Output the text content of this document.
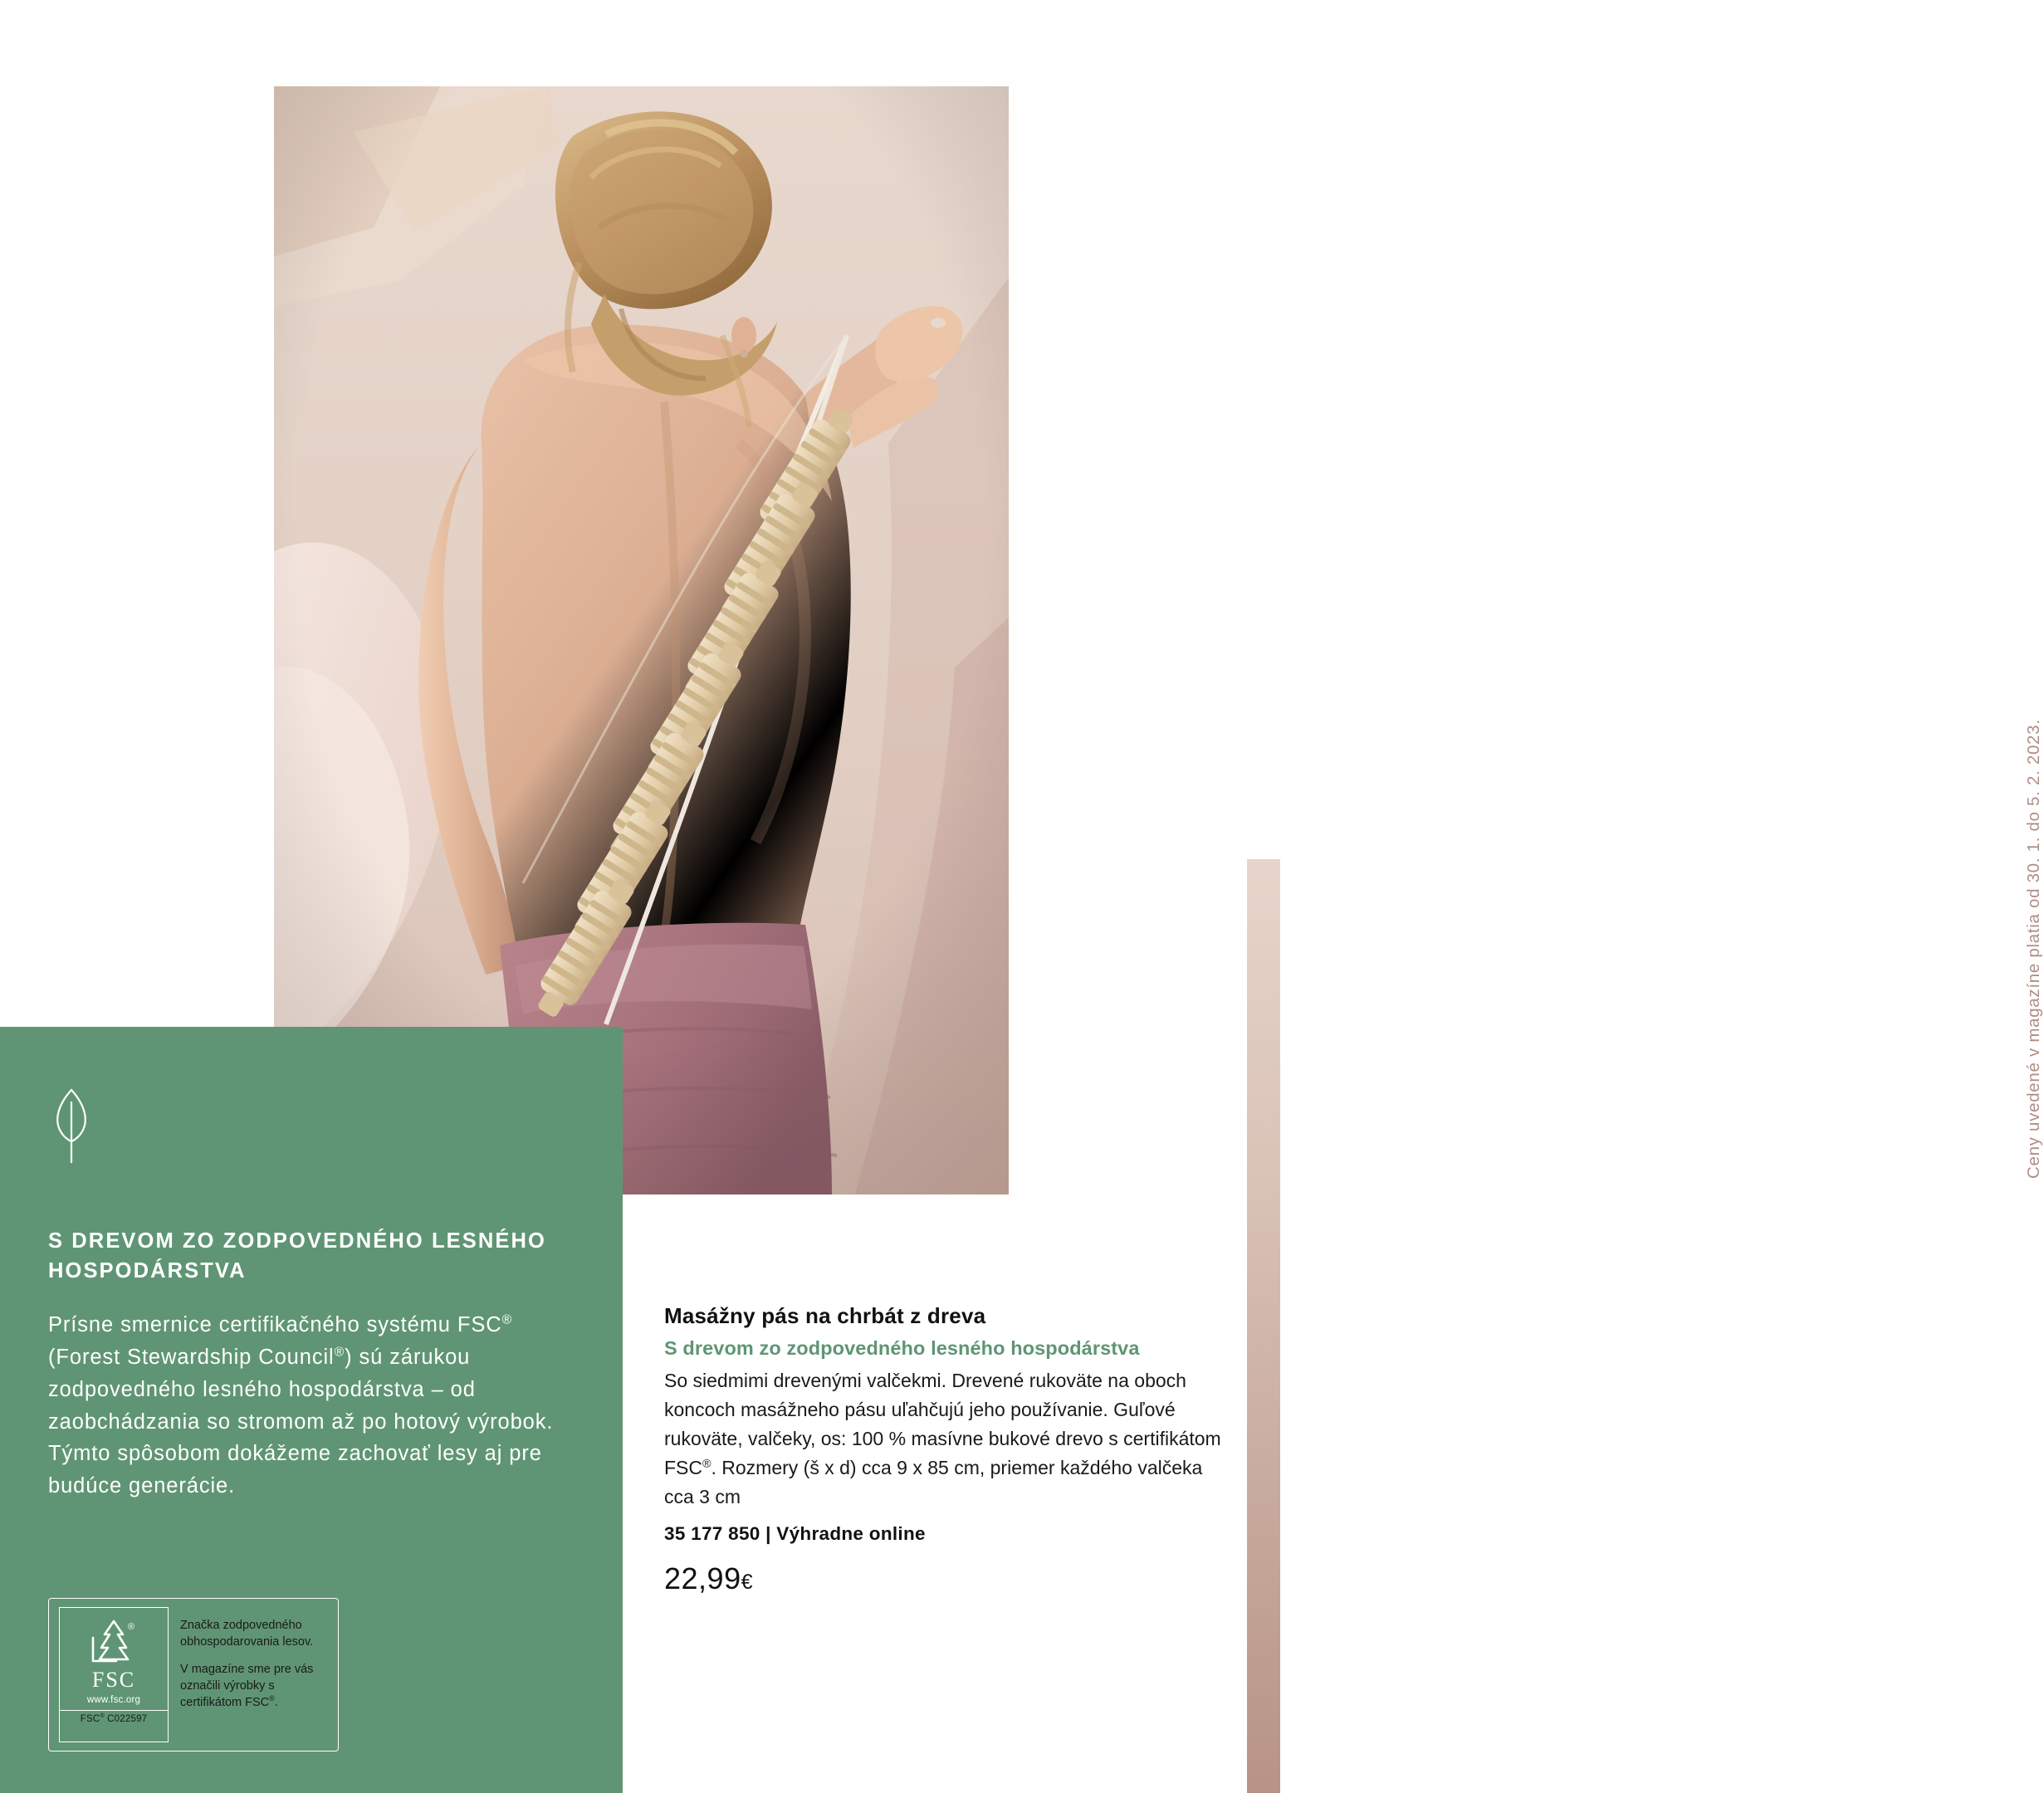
Ceny uvedené v magazíne platia od 30. 1. do 5. 2. 2023.
S DREVOM ZO ZODPOVEDNÉHO LESNÉHO HOSPODÁRSTVA
Prísne smernice certifikačného systému FSC® (Forest Stewardship Council®) sú zárukou zodpovedného lesného hospodárstva – od zaobchádzania so stromom až po hotový výrobok. Týmto spôsobom dokážeme zachovať lesy aj pre budúce generácie.
®
FSC
www.fsc.org
FSC® C022597

Značka zodpovedného obhospodarovania lesov.

V magazíne sme pre vás označili výrobky s certifikátom FSC®.

Masážny pás na chrbát z dreva

S drevom zo zodpovedného lesného hospodárstva

So siedmimi drevenými valčekmi. Drevené rukoväte na oboch koncoch masážneho pásu uľahčujú jeho používanie. Guľové rukoväte, valčeky, os: 100 % masívne bukové drevo s certifikátom FSC®. Rozmery (š x d) cca 9 x 85 cm, priemer každého valčeka cca 3 cm

35 177 850 | Výhradne online

22,99€
